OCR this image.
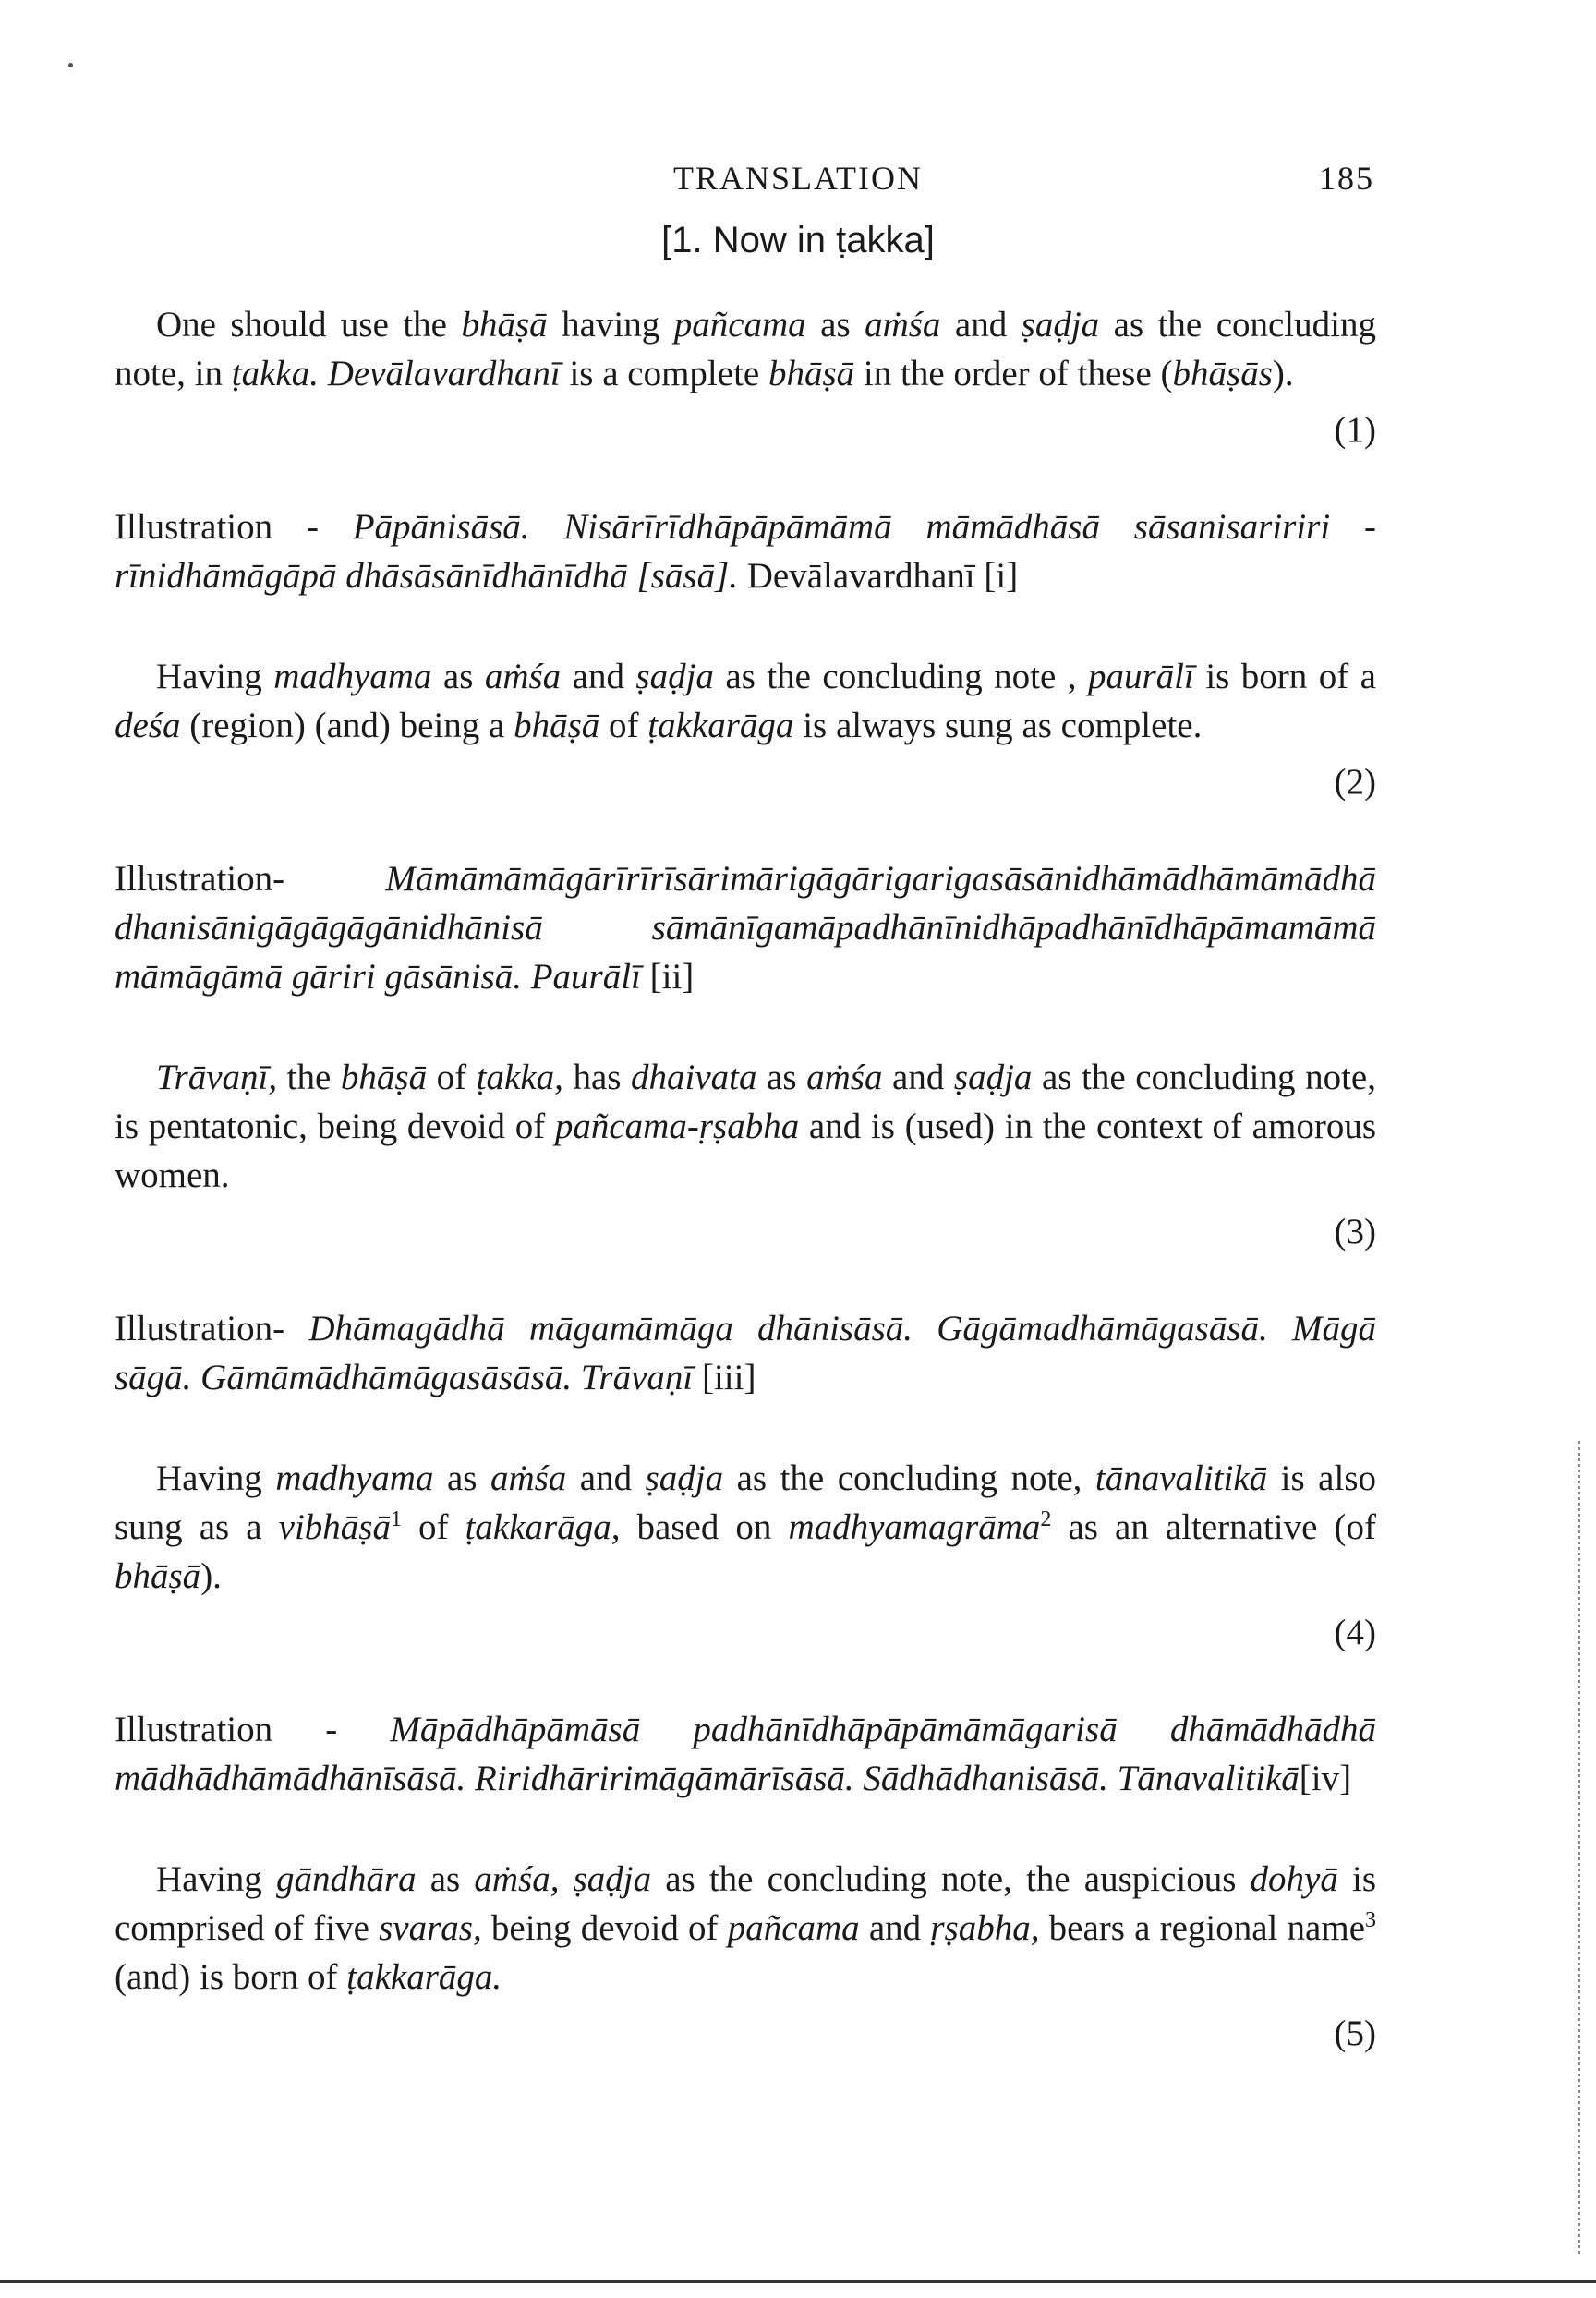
TRANSLATION	185
[1. Now in ṭakka]

One should use the bhāṣā having pañcama as aṁśa and ṣaḍja as the concluding note, in ṭakka. Devālavardhanī is a complete bhāṣā in the order of these (bhāṣās).

(1)

Illustration - Pāpānisāsā. Nisārīrīdhāpāpāmāmā māmādhāsā sāsanisaririri - rīnidhāmāgāpā dhāsāsānīdhānīdhā [sāsā]. Devālavardhanī [i]

Having madhyama as aṁśa and ṣaḍja as the concluding note , paurālī is born of a deśa (region) (and) being a bhāṣā of ṭakkarāga is always sung as complete.

(2)

Illustration- Māmāmāmāgārīrīrīsārimārigāgārigarigasāsānidhāmādhāmāmādhā dhanisānigāgāgāgānidhānisā sāmānīgamāpadhānīnidhāpadhānīdhāpāmamāmā māmāgāmā gāriri gāsānisā. Paurālī [ii]

Trāvaṇī, the bhāṣā of ṭakka, has dhaivata as aṁśa and ṣaḍja as the concluding note, is pentatonic, being devoid of pañcama-ṛṣabha and is (used) in the context of amorous women.

(3)

Illustration- Dhāmagādhā māgamāmāga dhānisāsā. Gāgāmadhāmāgasāsā. Māgā sāgā. Gāmāmādhāmāgasāsāsā. Trāvaṇī [iii]

Having madhyama as aṁśa and ṣaḍja as the concluding note, tānavalitikā is also sung as a vibhāṣā$^1$ of ṭakkarāga, based on madhyamagrāma$^2$ as an alternative (of bhāṣā).

(4)

Illustration - Māpādhāpāmāsā padhānīdhāpāpāmāmāgarisā dhāmādhādhā mādhādhāmādhānīsāsā. Riridhāririmāgāmārīsāsā. Sādhādhanisāsā. Tānavalitikā[iv]

Having gāndhāra as aṁśa, ṣaḍja as the concluding note, the auspicious dohyā is comprised of five svaras, being devoid of pañcama and ṛṣabha, bears a regional name$^3$ (and) is born of ṭakkarāga.

(5)
